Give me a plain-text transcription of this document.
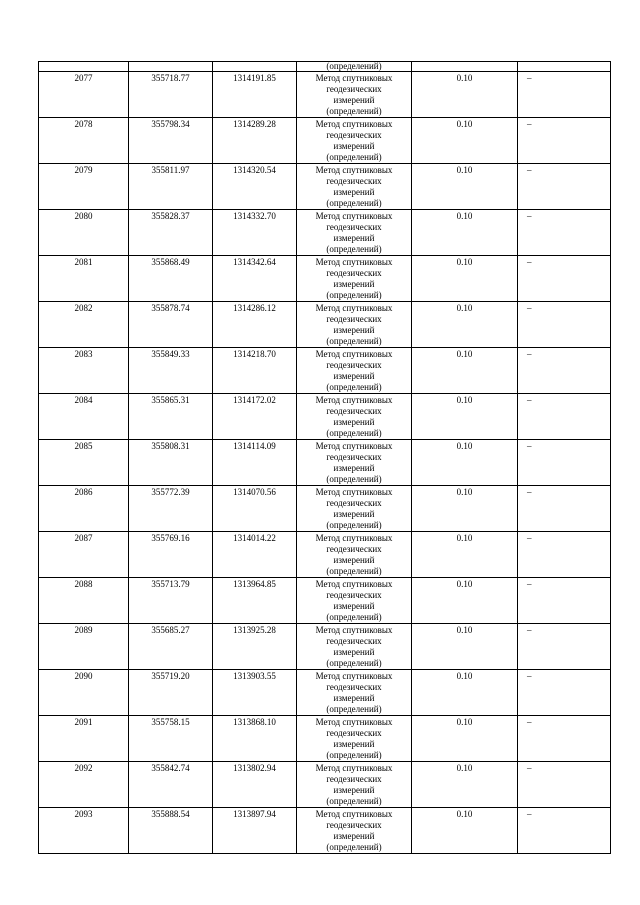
			(определений)		
2077	355718.77	1314191.85	Метод спутниковых
геодезических
измерений
(определений)	0.10	–
2078	355798.34	1314289.28	Метод спутниковых
геодезических
измерений
(определений)	0.10	–
2079	355811.97	1314320.54	Метод спутниковых
геодезических
измерений
(определений)	0.10	–
2080	355828.37	1314332.70	Метод спутниковых
геодезических
измерений
(определений)	0.10	–
2081	355868.49	1314342.64	Метод спутниковых
геодезических
измерений
(определений)	0.10	–
2082	355878.74	1314286.12	Метод спутниковых
геодезических
измерений
(определений)	0.10	–
2083	355849.33	1314218.70	Метод спутниковых
геодезических
измерений
(определений)	0.10	–
2084	355865.31	1314172.02	Метод спутниковых
геодезических
измерений
(определений)	0.10	–
2085	355808.31	1314114.09	Метод спутниковых
геодезических
измерений
(определений)	0.10	–
2086	355772.39	1314070.56	Метод спутниковых
геодезических
измерений
(определений)	0.10	–
2087	355769.16	1314014.22	Метод спутниковых
геодезических
измерений
(определений)	0.10	–
2088	355713.79	1313964.85	Метод спутниковых
геодезических
измерений
(определений)	0.10	–
2089	355685.27	1313925.28	Метод спутниковых
геодезических
измерений
(определений)	0.10	–
2090	355719.20	1313903.55	Метод спутниковых
геодезических
измерений
(определений)	0.10	–
2091	355758.15	1313868.10	Метод спутниковых
геодезических
измерений
(определений)	0.10	–
2092	355842.74	1313802.94	Метод спутниковых
геодезических
измерений
(определений)	0.10	–
2093	355888.54	1313897.94	Метод спутниковых
геодезических
измерений
(определений)	0.10	–
